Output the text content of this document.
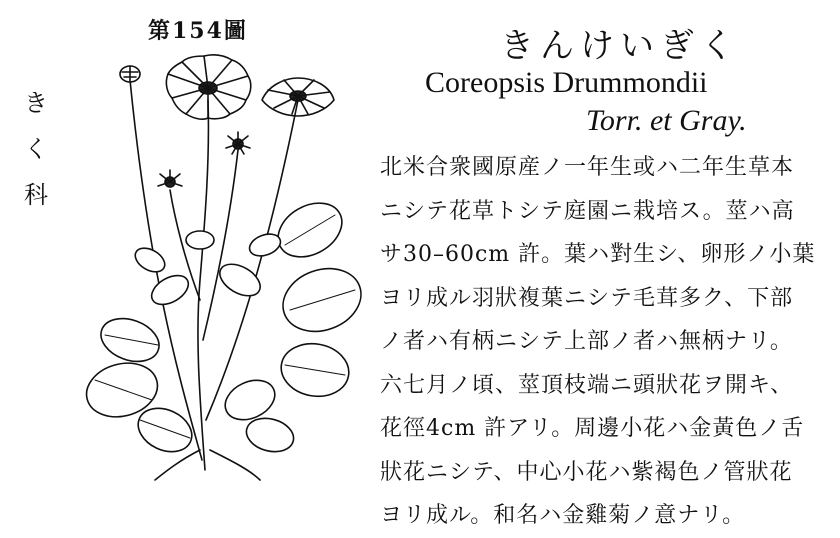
第154圖
き
く
科
きんけいぎく
Coreopsis Drummondii
Torr. et Gray.
北米合衆國原産ノ一年生或ハ二年生草本
ニシテ花草トシテ庭園ニ栽培ス。莖ハ高
サ30–60cm 許。葉ハ對生シ、卵形ノ小葉
ヨリ成ル羽狀複葉ニシテ毛茸多ク、下部
ノ者ハ有柄ニシテ上部ノ者ハ無柄ナリ。
六七月ノ頃、莖頂枝端ニ頭狀花ヲ開キ、
花徑4cm 許アリ。周邊小花ハ金黃色ノ舌
狀花ニシテ、中心小花ハ紫褐色ノ管狀花
ヨリ成ル。和名ハ金雞菊ノ意ナリ。
